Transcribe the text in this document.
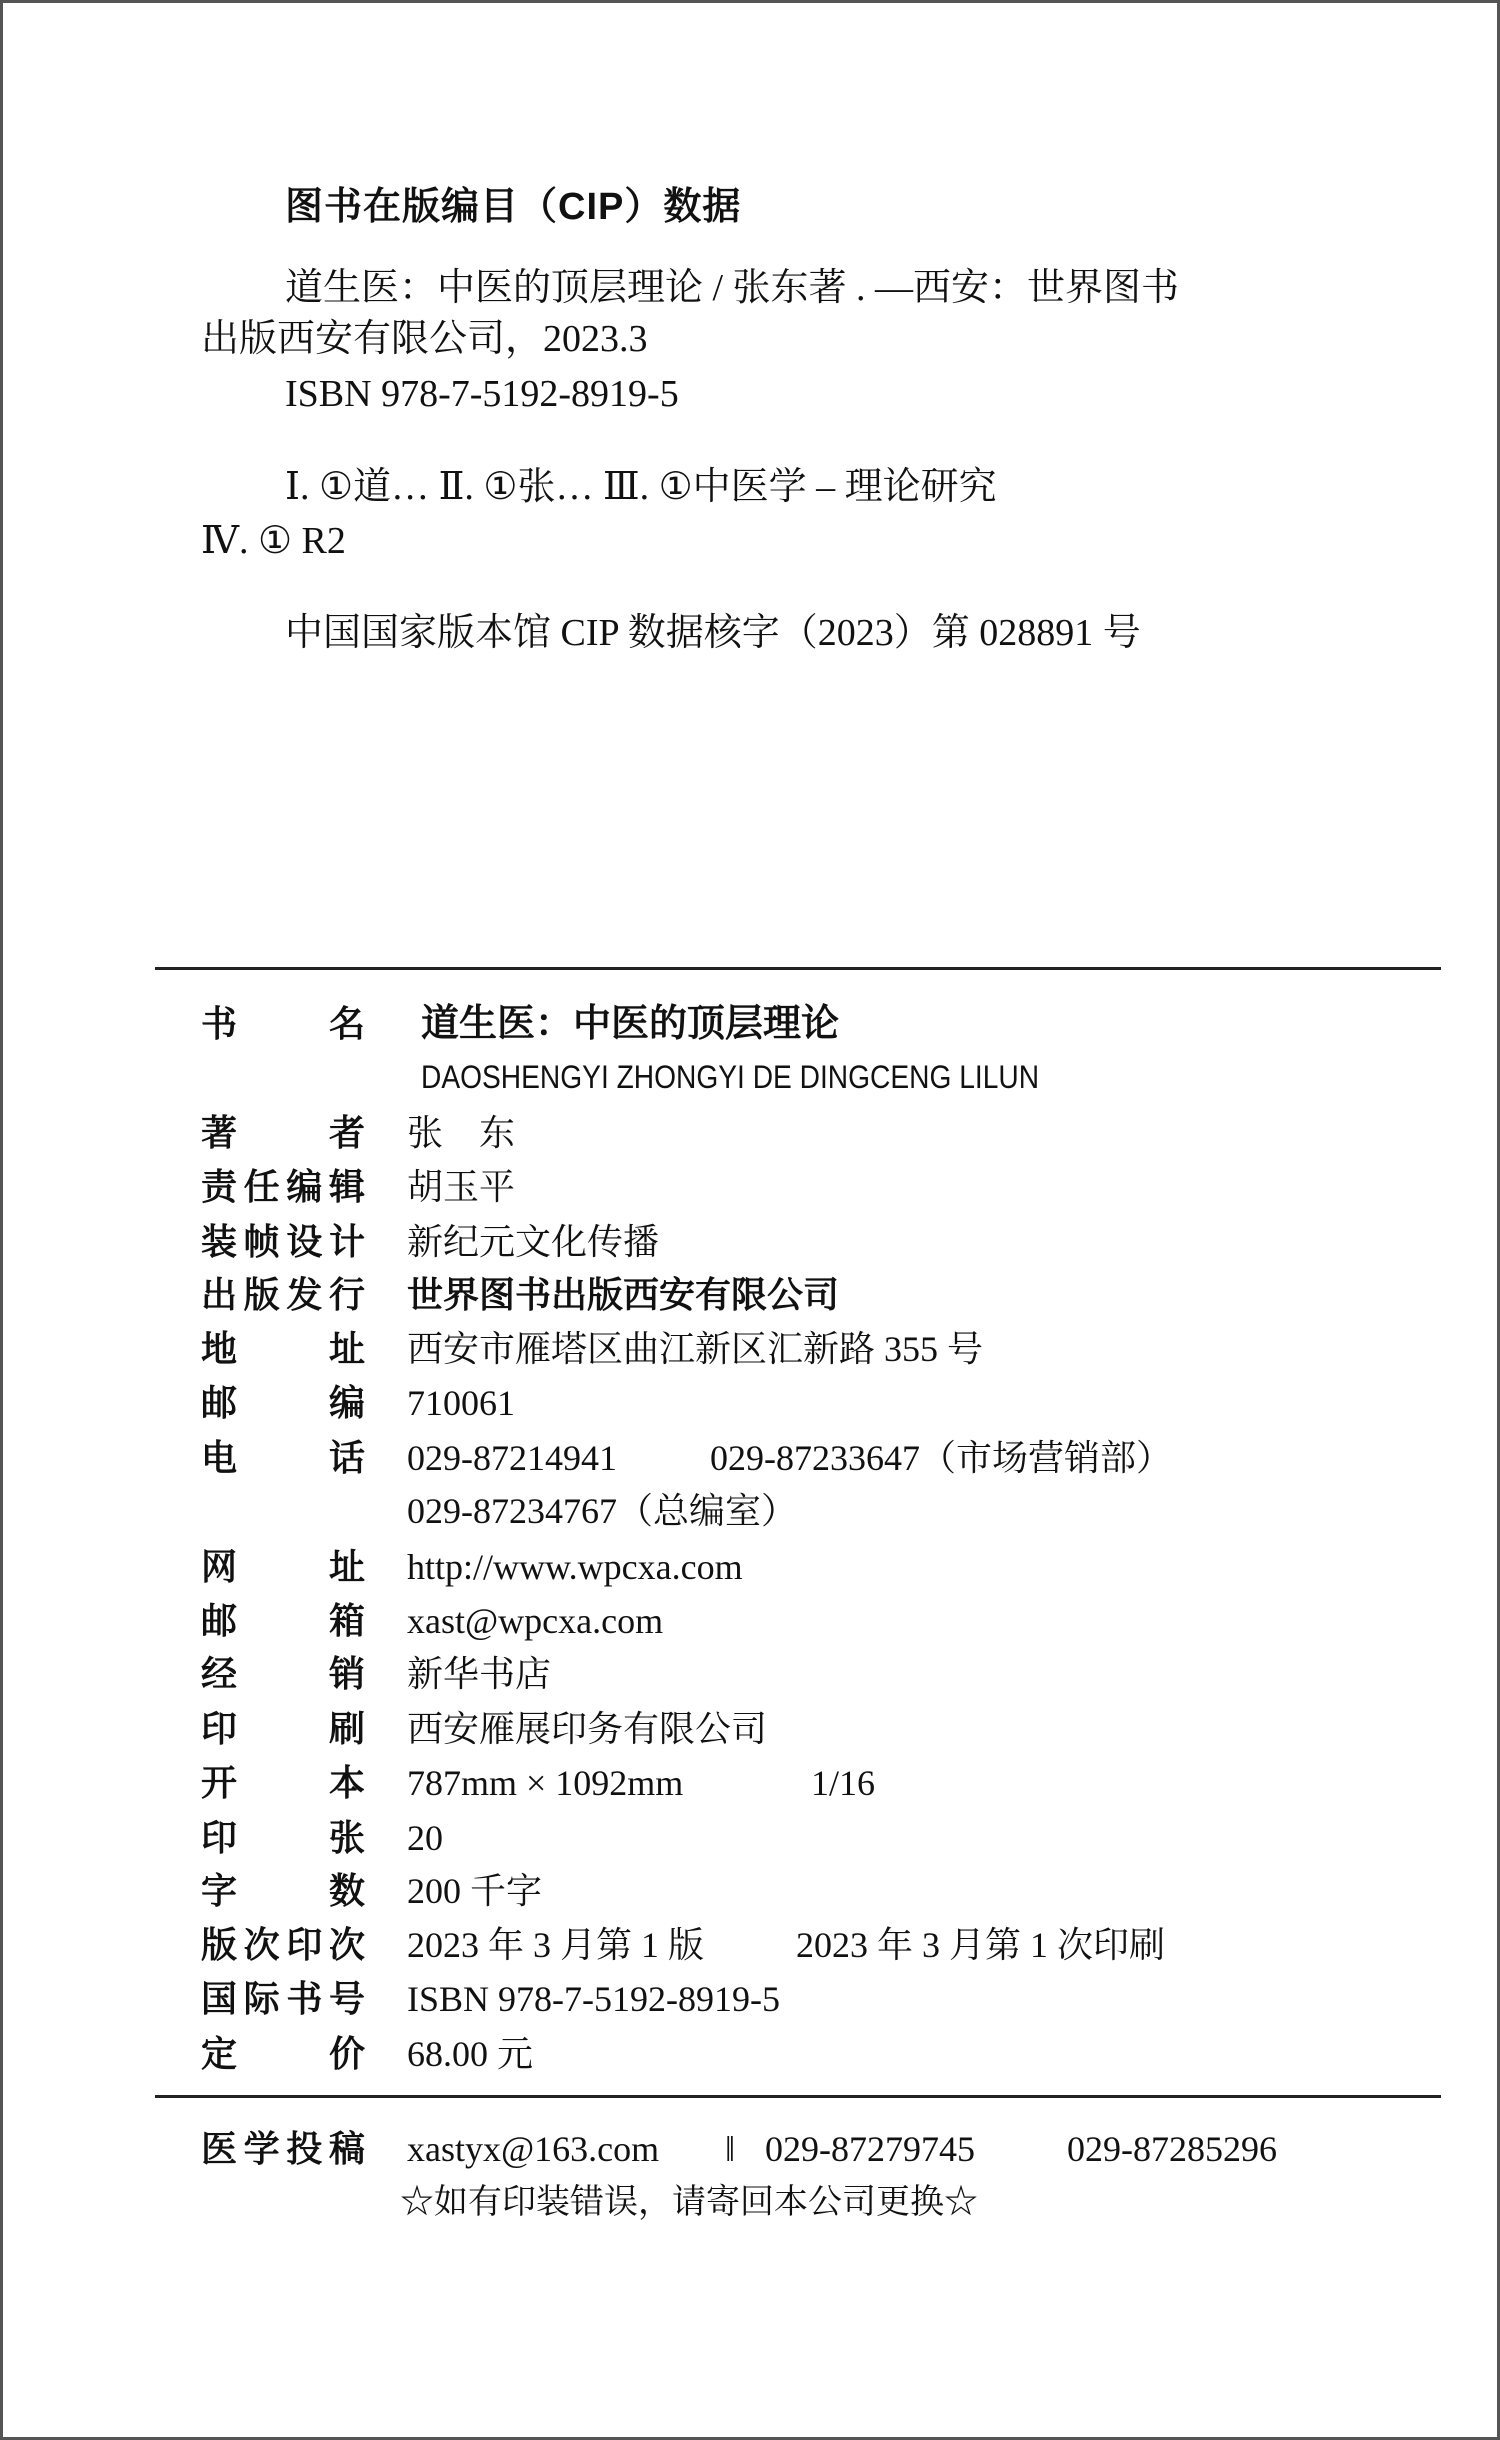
图书在版编目（CIP）数据
道生医：中医的顶层理论 / 张东著 . —西安：世界图书
出版西安有限公司，2023.3
ISBN 978-7-5192-8919-5
Ⅰ. ①道… Ⅱ. ①张… Ⅲ. ①中医学 – 理论研究
Ⅳ. ① R2
中国国家版本馆 CIP 数据核字（2023）第 028891 号
书	名 道生医：中医的顶层理论
DAOSHENGYI ZHONGYI DE DINGCENG LILUN
著	者 张　东
责 任 编 辑 胡玉平
装 帧 设 计 新纪元文化传播
出 版 发 行 世界图书出版西安有限公司
地	址 西安市雁塔区曲江新区汇新路 355 号
邮	编 710061
电	话 029-87214941	029-87233647（市场营销部）
029-87234767（总编室）
网	址 http://www.wpcxa.com
邮	箱 xast@wpcxa.com
经	销 新华书店
印	刷 西安雁展印务有限公司
开	本 787mm × 1092mm	1/16
印	张 20
字	数 200 千字
版 次 印 次 2023 年 3 月第 1 版	2023 年 3 月第 1 次印刷
国 际 书 号 ISBN 978-7-5192-8919-5
定	价 68.00 元
医 学 投 稿 xastyx@163.com ‖ 029-87279745	029-87285296
☆如有印装错误，请寄回本公司更换☆
